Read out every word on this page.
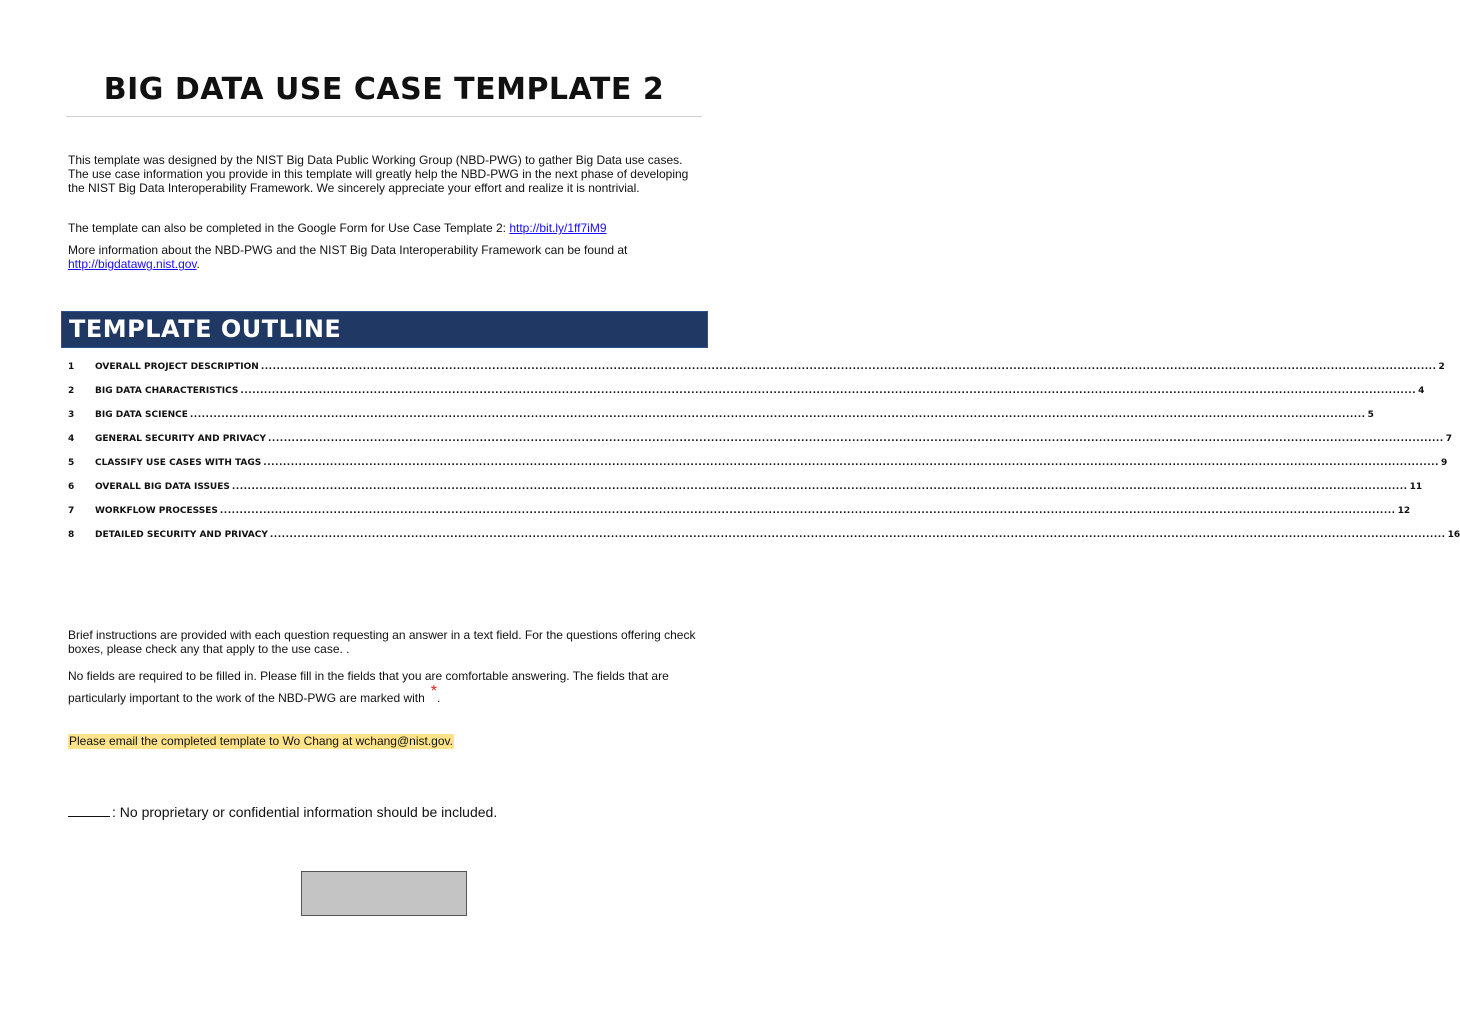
BIG DATA USE CASE TEMPLATE 2

This template was designed by the NIST Big Data Public Working Group (NBD-PWG) to gather Big Data use cases. The use case information you provide in this template will greatly help the NBD-PWG in the next phase of developing the NIST Big Data Interoperability Framework. We sincerely appreciate your effort and realize it is nontrivial.

The template can also be completed in the Google Form for Use Case Template 2: http://bit.ly/1ff7iM9

More information about the NBD-PWG and the NIST Big Data Interoperability Framework can be found at http://bigdatawg.nist.gov.

TEMPLATE OUTLINE
1	OVERALL PROJECT DESCRIPTION ............................................................................................................................................................................................................................................................................................................ 2
2	BIG DATA CHARACTERISTICS ............................................................................................................................................................................................................................................................................................................ 4
3	BIG DATA SCIENCE ............................................................................................................................................................................................................................................................................................................ 5
4	GENERAL SECURITY AND PRIVACY ............................................................................................................................................................................................................................................................................................................ 7
5	CLASSIFY USE CASES WITH TAGS ............................................................................................................................................................................................................................................................................................................ 9
6	OVERALL BIG DATA ISSUES ............................................................................................................................................................................................................................................................................................................ 11
7	WORKFLOW PROCESSES ............................................................................................................................................................................................................................................................................................................ 12
8	DETAILED SECURITY AND PRIVACY ............................................................................................................................................................................................................................................................................................................ 16

Brief instructions are provided with each question requesting an answer in a text field. For the questions offering check boxes, please check any that apply to the use case. .

No fields are required to be filled in. Please fill in the fields that you are comfortable answering. The fields that are particularly important to the work of the NBD-PWG are marked with *.

Please email the completed template to Wo Chang at wchang@nist.gov.
: No proprietary or confidential information should be included.
